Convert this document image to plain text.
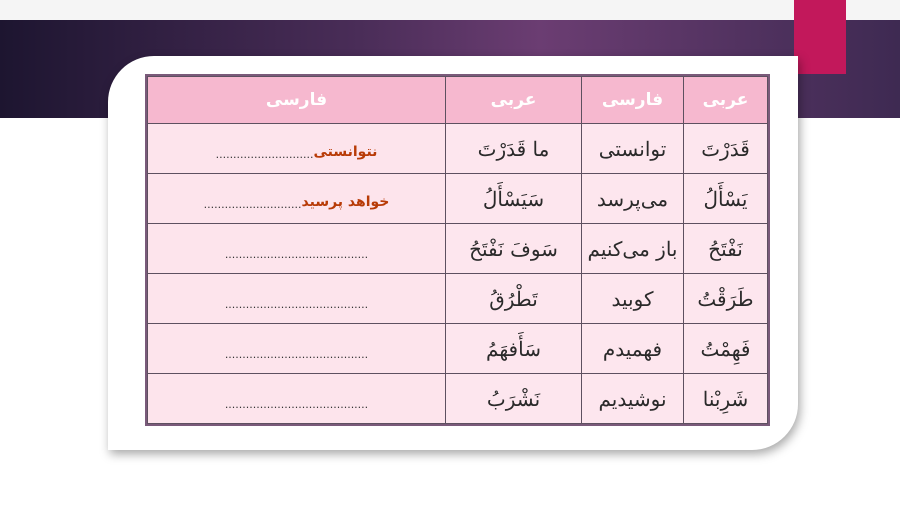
عربی	فارسی	عربی	فارسی
قَدَرْتَ	توانستی	ما قَدَرْتَ	نتوانستی............................
يَسْأَلُ	می‌پرسد	سَيَسْأَلُ	خواهد پرسید............................
نَفْتَحُ	باز می‌کنیم	سَوفَ نَفْتَحُ	.........................................
طَرَقْتُ	کوبید	تَطْرُقُ	.........................................
فَهِمْتُ	فهمیدم	سَأَفهَمُ	.........................................
شَرِبْنا	نوشیدیم	نَشْرَبُ	.........................................
